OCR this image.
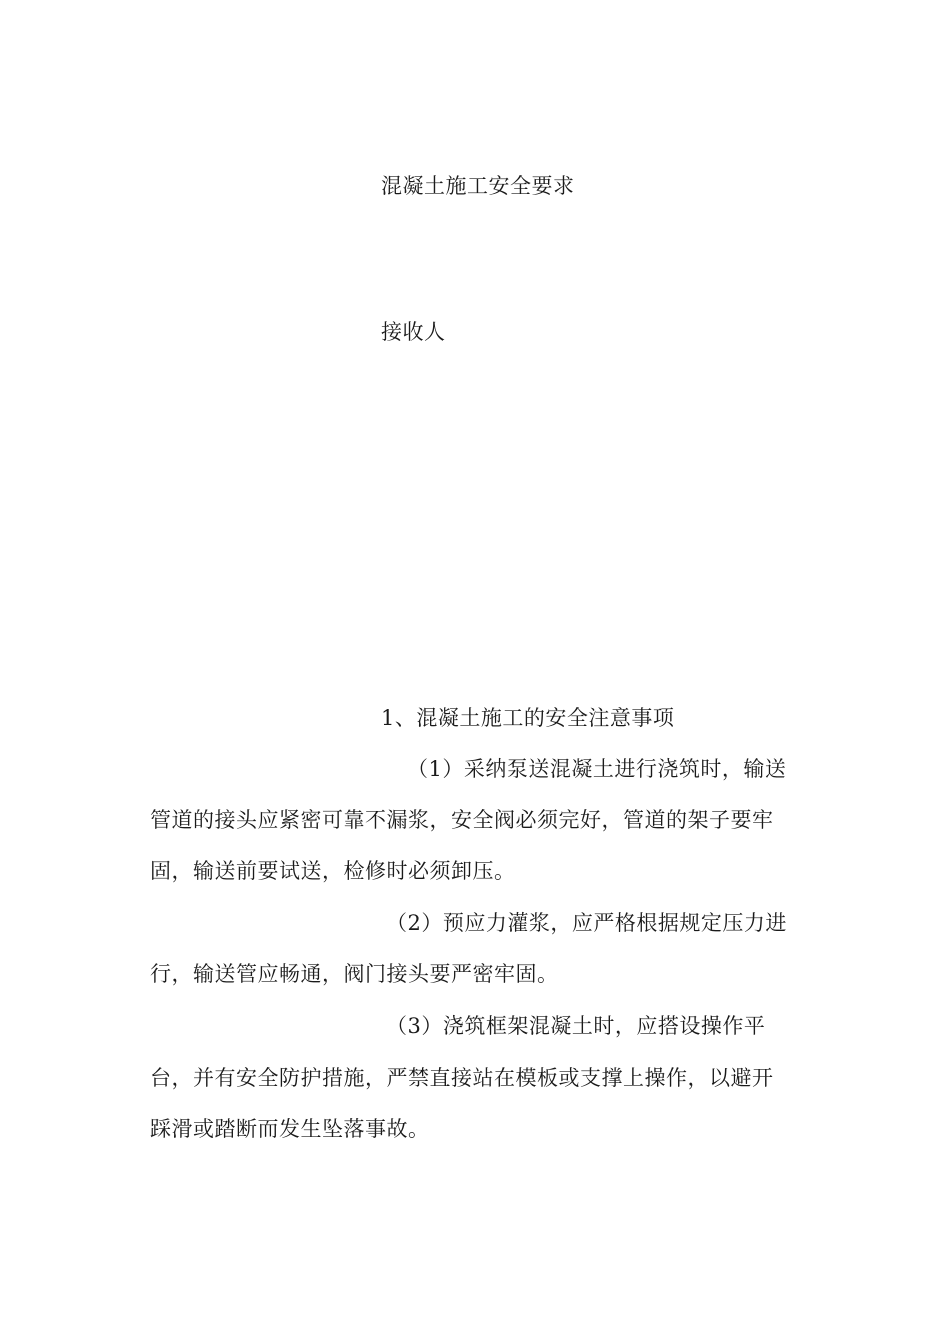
混凝土施工安全要求
接收人
1、混凝土施工的安全注意事项
（1）采纳泵送混凝土进行浇筑时，输送
管道的接头应紧密可靠不漏浆，安全阀必须完好，管道的架子要牢
固，输送前要试送，检修时必须卸压。
（2）预应力灌浆，应严格根据规定压力进
行，输送管应畅通，阀门接头要严密牢固。
（3）浇筑框架混凝土时，应搭设操作平
台，并有安全防护措施，严禁直接站在模板或支撑上操作，以避开
踩滑或踏断而发生坠落事故。
